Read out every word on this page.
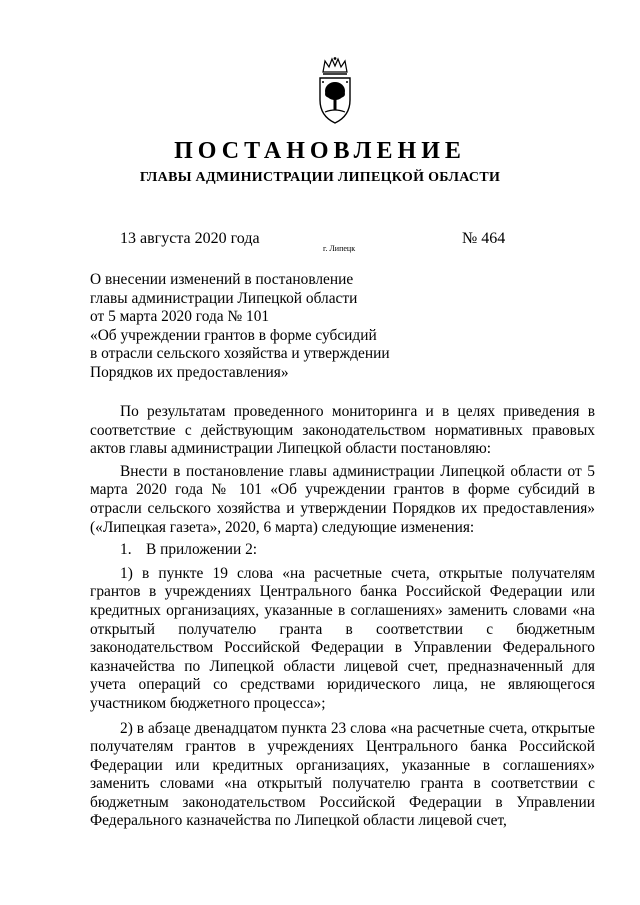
ПОСТАНОВЛЕНИЕ
ГЛАВЫ АДМИНИСТРАЦИИ ЛИПЕЦКОЙ ОБЛАСТИ
13 августа 2020 года
г. Липецк
№ 464
О внесении изменений в постановление
главы администрации Липецкой области
от 5 марта 2020 года № 101
«Об учреждении грантов в форме субсидий
в отрасли сельского хозяйства и утверждении
Порядков их предоставления»

По результатам проведенного мониторинга и в целях приведения в соответствие с действующим законодательством нормативных правовых актов главы администрации Липецкой области постановляю:

Внести в постановление главы администрации Липецкой области от 5 марта 2020 года № 101 «Об учреждении грантов в форме субсидий в отрасли сельского хозяйства и утверждении Порядков их предоставления» («Липецкая газета», 2020, 6 марта) следующие изменения:

1. В приложении 2:

1) в пункте 19 слова «на расчетные счета, открытые получателям грантов в учреждениях Центрального банка Российской Федерации или кредитных организациях, указанные в соглашениях» заменить словами «на открытый получателю гранта в соответствии с бюджетным законодательством Российской Федерации в Управлении Федерального казначейства по Липецкой области лицевой счет, предназначенный для учета операций со средствами юридического лица, не являющегося участником бюджетного процесса»;

2) в абзаце двенадцатом пункта 23 слова «на расчетные счета, открытые получателям грантов в учреждениях Центрального банка Российской Федерации или кредитных организациях, указанные в соглашениях» заменить словами «на открытый получателю гранта в соответствии с бюджетным законодательством Российской Федерации в Управлении Федерального казначейства по Липецкой области лицевой счет,
